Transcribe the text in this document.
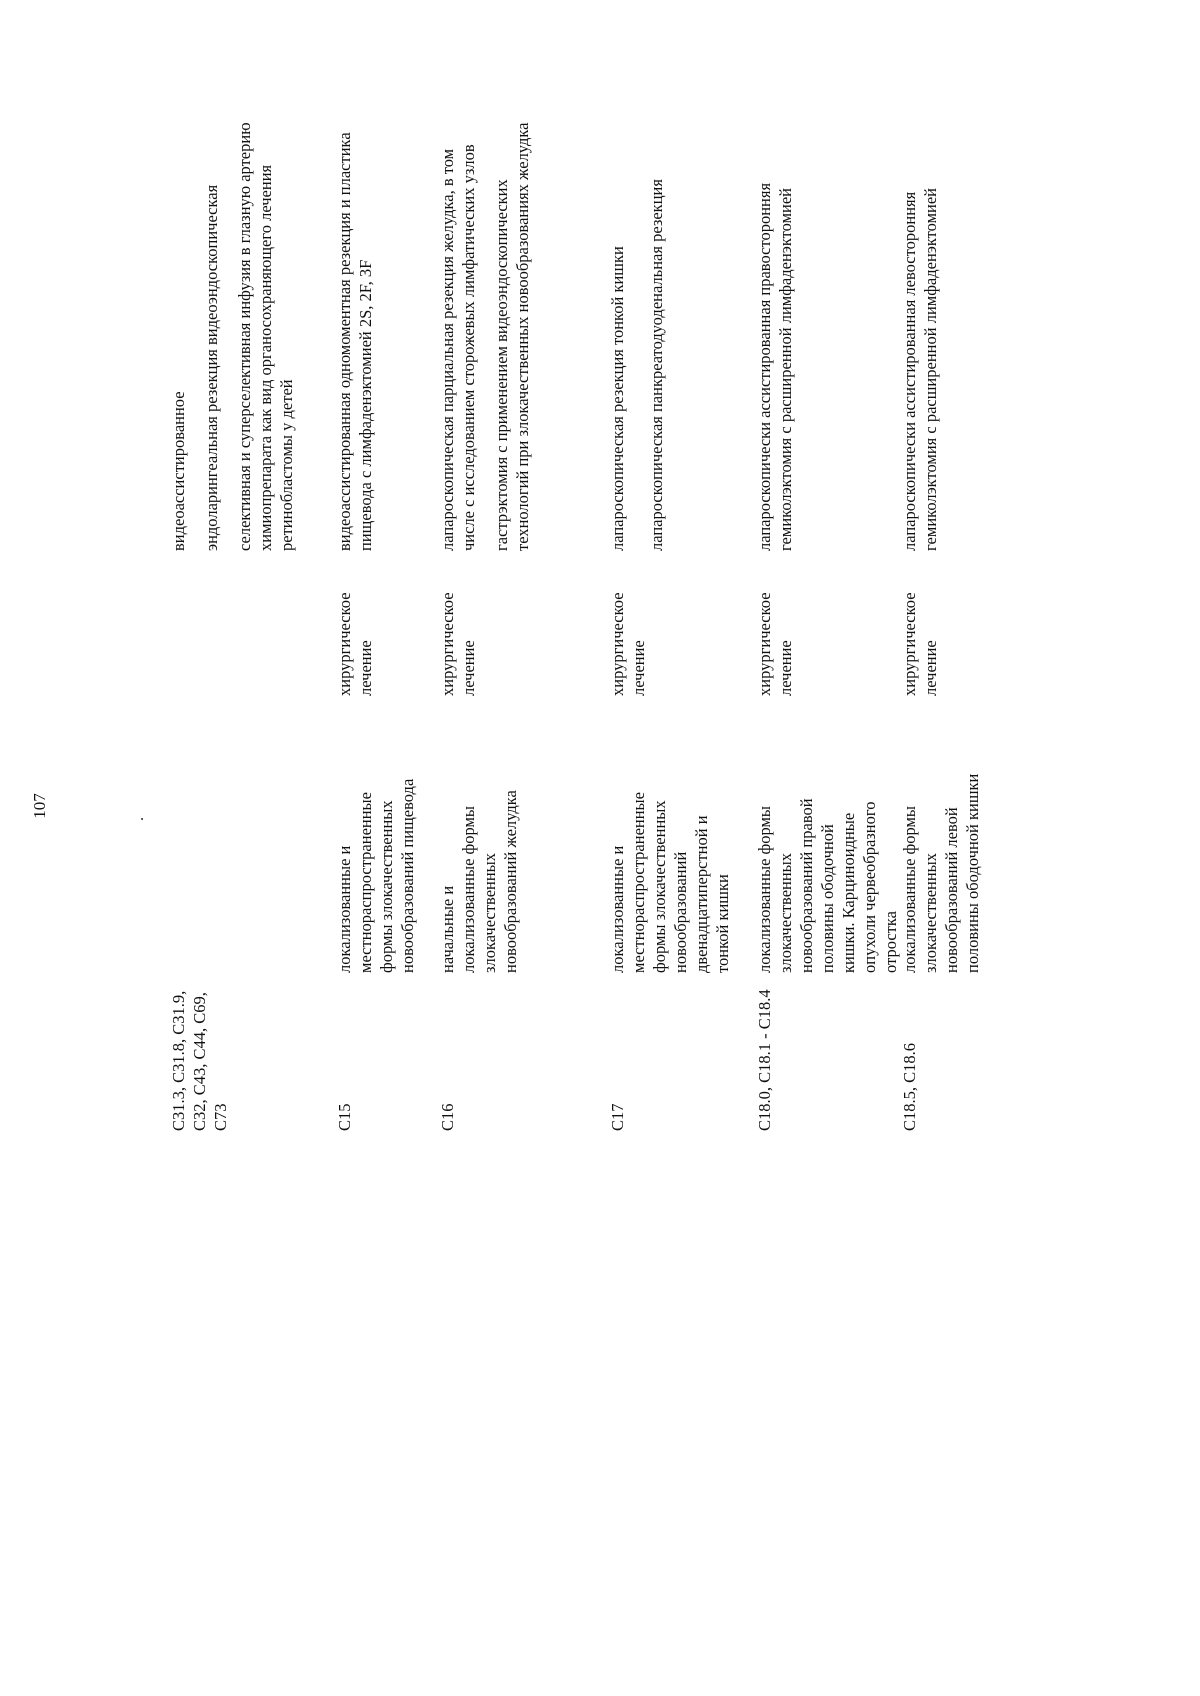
107
.
C31.3, C31.8, C31.9, C32, C43, C44, C69, C73
видеоассистированное эндоларингеальная резекция видеоэндоскопическая селективная и суперселективная инфузия в глазную артерию химиопрепарата как вид органосохраняющего лечения ретинобластомы у детей
C15
локализованные и местнораспространенные формы злокачественных новообразований пищевода
хирургическое лечение
видеоассистированная одномоментная резекция и пластика пищевода с лимфаденэктомией 2S, 2F, 3F
C16
начальные и локализованные формы злокачественных новообразований желудка
хирургическое лечение
лапароскопическая парциальная резекция желудка, в том числе с исследованием сторожевых лимфатических узлов гастрэктомия с применением видеоэндоскопических технологий при злокачественных новообразованиях желудка
C17
локализованные и местнораспространенные формы злокачественных новообразований двенадцатиперстной и тонкой кишки
хирургическое лечение
лапароскопическая резекция тонкой кишки лапароскопическая панкреатодуоденальная резекция
C18.0, C18.1 - C18.4
локализованные формы злокачественных новообразований правой половины ободочной кишки. Карциноидные опухоли червеобразного отростка
хирургическое лечение
лапароскопически ассистированная правосторонняя гемиколэктомия с расширенной лимфаденэктомией
C18.5, C18.6
локализованные формы злокачественных новообразований левой половины ободочной кишки
хирургическое лечение
лапароскопически ассистированная левосторонняя гемиколэктомия с расширенной лимфаденэктомией
